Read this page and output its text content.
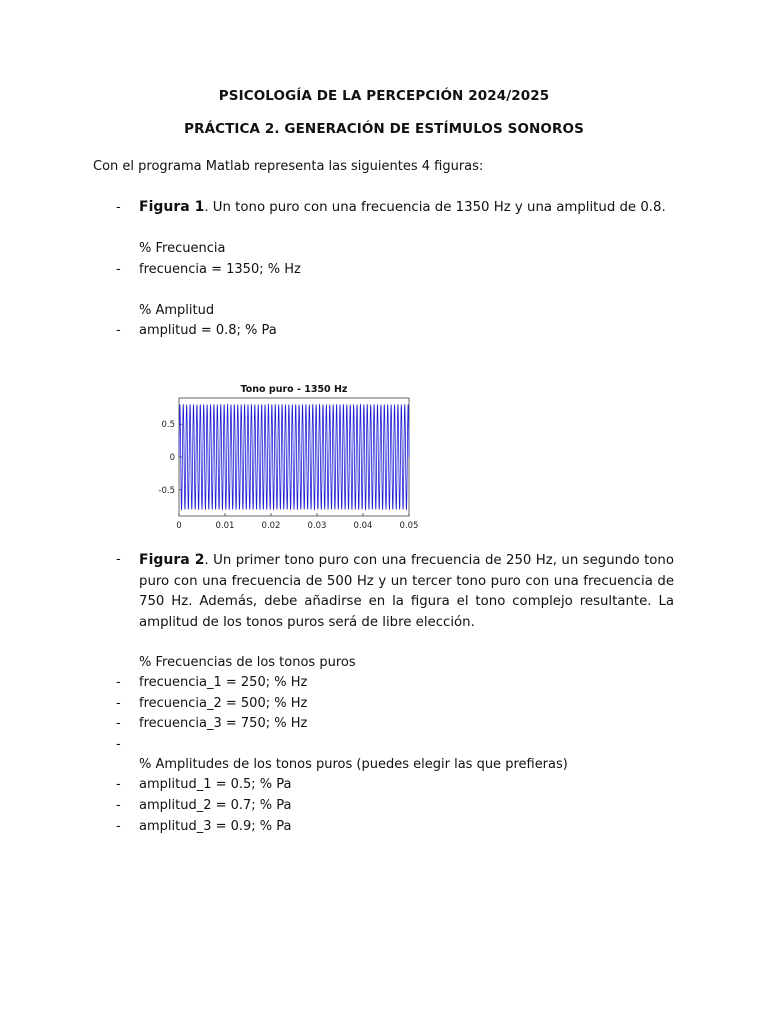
PSICOLOGÍA DE LA PERCEPCIÓN 2024/2025
PRÁCTICA 2. GENERACIÓN DE ESTÍMULOS SONOROS
Con el programa Matlab representa las siguientes 4 figuras:
- Figura 1. Un tono puro con una frecuencia de 1350 Hz y una amplitud de 0.8.
% Frecuencia
- frecuencia = 1350; % Hz
% Amplitud
- amplitud = 0.8; % Pa
Tono puro - 1350 Hz
0	0.01	0.02	0.03	0.04	0.05
0.5
0
-0.5
- Figura 2. Un primer tono puro con una frecuencia de 250 Hz, un segundo tono puro con una frecuencia de 500 Hz y un tercer tono puro con una frecuencia de 750 Hz. Además, debe añadirse en la figura el tono complejo resultante. La amplitud de los tonos puros será de libre elección.
% Frecuencias de los tonos puros
- frecuencia_1 = 250; % Hz
- frecuencia_2 = 500; % Hz
- frecuencia_3 = 750; % Hz
-
% Amplitudes de los tonos puros (puedes elegir las que prefieras)
- amplitud_1 = 0.5; % Pa
- amplitud_2 = 0.7; % Pa
- amplitud_3 = 0.9; % Pa
